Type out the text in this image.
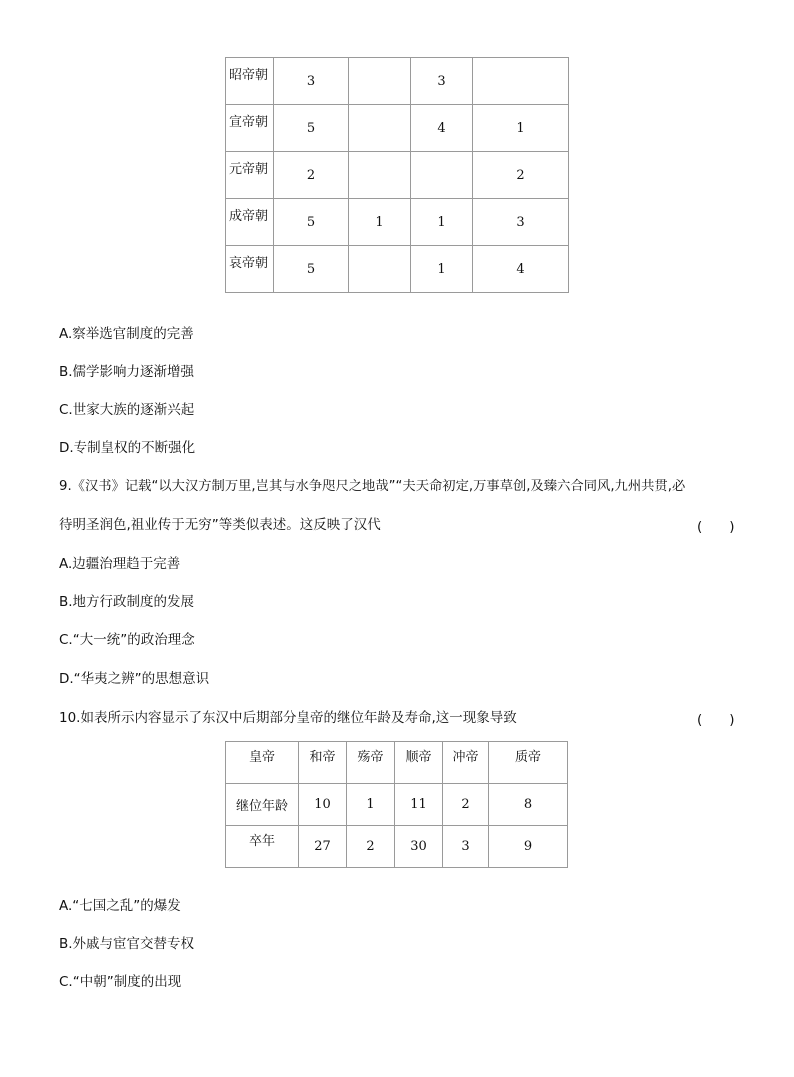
昭帝朝	3		3	
宣帝朝	5		4	1
元帝朝	2			2
成帝朝	5	1	1	3
哀帝朝	5		1	4
A.察举选官制度的完善
B.儒学影响力逐渐增强
C.世家大族的逐渐兴起
D.专制皇权的不断强化
9.《汉书》记载“以大汉方制万里,岂其与水争咫尺之地哉”“夫天命初定,万事草创,及臻六合同风,九州共贯,必
待明圣润色,祖业传于无穷”等类似表述。这反映了汉代	(　　)
A.边疆治理趋于完善
B.地方行政制度的发展
C.“大一统”的政治理念
D.“华夷之辨”的思想意识
10.如表所示内容显示了东汉中后期部分皇帝的继位年龄及寿命,这一现象导致	(　　)
皇帝	和帝	殇帝	顺帝	冲帝	质帝
继位年龄	10	1	11	2	8
卒年	27	2	30	3	9
A.“七国之乱”的爆发
B.外戚与宦官交替专权
C.“中朝”制度的出现
